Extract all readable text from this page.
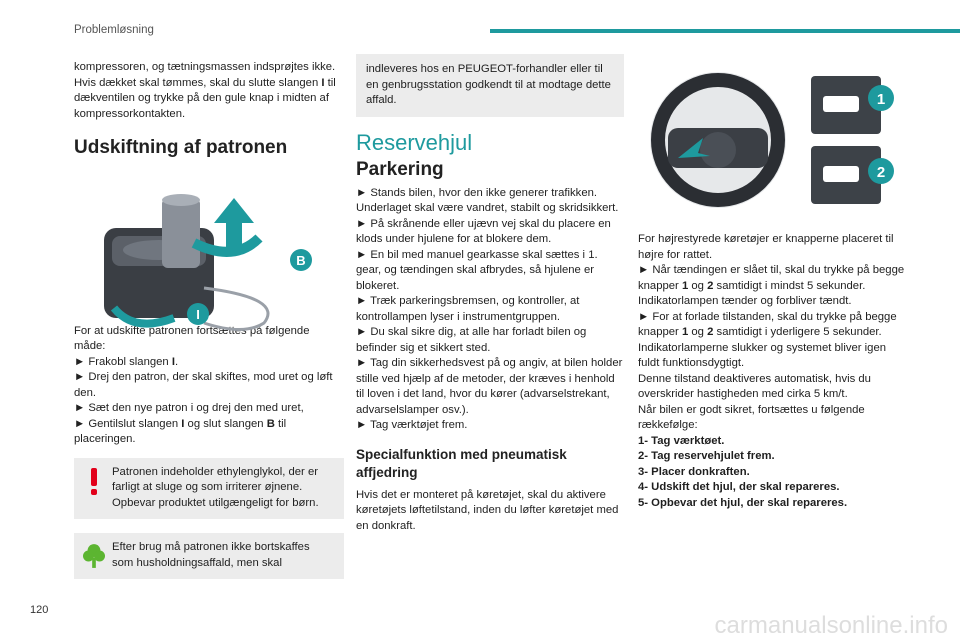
Problemløsning

kompressoren, og tætningsmassen indsprøjtes ikke.

Hvis dækket skal tømmes, skal du slutte slangen I til dækventilen og trykke på den gule knap i midten af kompressorkontakten.

Udskiftning af patronen

For at udskifte patronen fortsættes på følgende måde:

► Frakobl slangen I.

► Drej den patron, der skal skiftes, mod uret og løft den.

► Sæt den nye patron i og drej den med uret,

► Gentilslut slangen I og slut slangen B til placeringen.

Patronen indeholder ethylenglykol, der er farligt at sluge og som irriterer øjnene. Opbevar produktet utilgængeligt for børn.

Efter brug må patronen ikke bortskaffes som husholdningsaffald, men skal

B
I

indleveres hos en PEUGEOT-forhandler eller til en genbrugsstation godkendt til at modtage dette affald.

Reservehjul
Parkering

► Stands bilen, hvor den ikke generer trafikken. Underlaget skal være vandret, stabilt og skridsikkert.

► På skrånende eller ujævn vej skal du placere en klods under hjulene for at blokere dem.

► En bil med manuel gearkasse skal sættes i 1. gear, og tændingen skal afbrydes, så hjulene er blokeret.

► Træk parkeringsbremsen, og kontroller, at kontrollampen lyser i instrumentgruppen.

► Du skal sikre dig, at alle har forladt bilen og befinder sig et sikkert sted.

► Tag din sikkerhedsvest på og angiv, at bilen holder stille ved hjælp af de metoder, der kræves i henhold til loven i det land, hvor du kører (advarselstrekant, advarselslamper osv.).

► Tag værktøjet frem.

Specialfunktion med pneumatisk affjedring

Hvis det er monteret på køretøjet, skal du aktivere køretøjets løftetilstand, inden du løfter køretøjet med en donkraft.

1
2

For højrestyrede køretøjer er knapperne placeret til højre for rattet.

► Når tændingen er slået til, skal du trykke på begge knapper 1 og 2 samtidigt i mindst 5 sekunder.

Indikatorlampen tænder og forbliver tændt.

► For at forlade tilstanden, skal du trykke på begge knapper 1 og 2 samtidigt i yderligere 5 sekunder.

Indikatorlamperne slukker og systemet bliver igen fuldt funktionsdygtigt.

Denne tilstand deaktiveres automatisk, hvis du overskrider hastigheden med cirka 5 km/t.

Når bilen er godt sikret, fortsættes u følgende rækkefølge:

1- Tag værktøet.

2- Tag reservehjulet frem.

3- Placer donkraften.

4- Udskift det hjul, der skal repareres.

5- Opbevar det hjul, der skal repareres.

120
carmanualsonline.info
